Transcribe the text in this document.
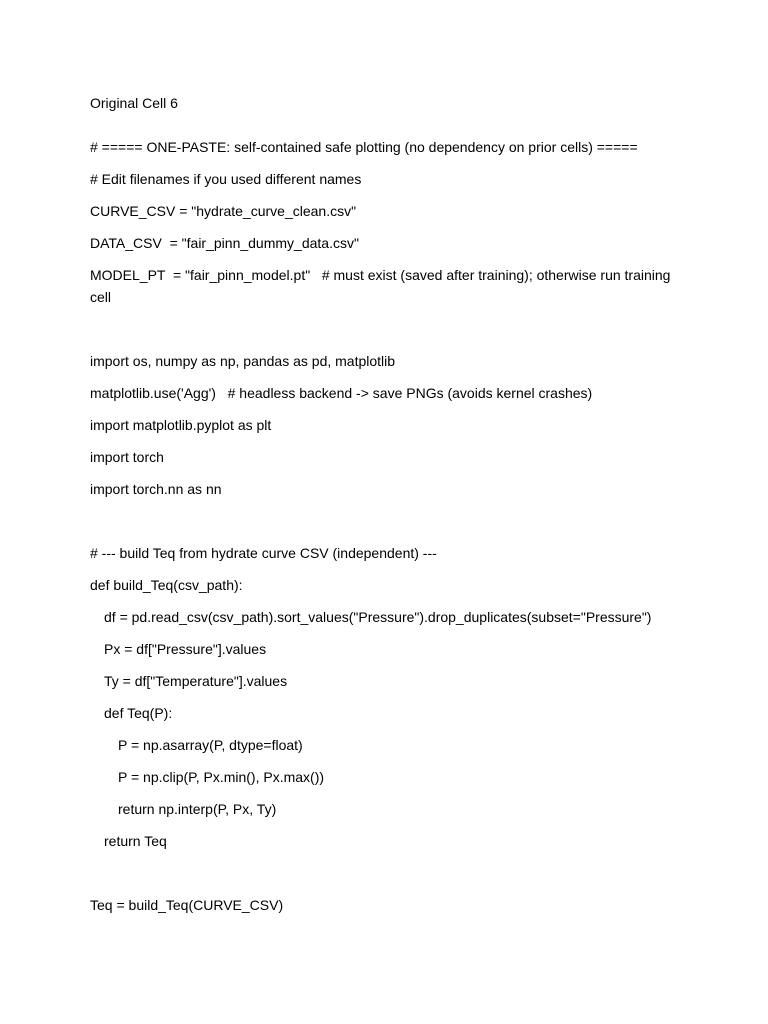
Original Cell 6
# ===== ONE-PASTE: self-contained safe plotting (no dependency on prior cells) =====
# Edit filenames if you used different names
CURVE_CSV = "hydrate_curve_clean.csv"
DATA_CSV  = "fair_pinn_dummy_data.csv"
MODEL_PT  = "fair_pinn_model.pt"   # must exist (saved after training); otherwise run training cell
import os, numpy as np, pandas as pd, matplotlib
matplotlib.use('Agg')   # headless backend -> save PNGs (avoids kernel crashes)
import matplotlib.pyplot as plt
import torch
import torch.nn as nn
# --- build Teq from hydrate curve CSV (independent) ---
def build_Teq(csv_path):
df = pd.read_csv(csv_path).sort_values("Pressure").drop_duplicates(subset="Pressure")
Px = df["Pressure"].values
Ty = df["Temperature"].values
def Teq(P):
P = np.asarray(P, dtype=float)
P = np.clip(P, Px.min(), Px.max())
return np.interp(P, Px, Ty)
return Teq
Teq = build_Teq(CURVE_CSV)
